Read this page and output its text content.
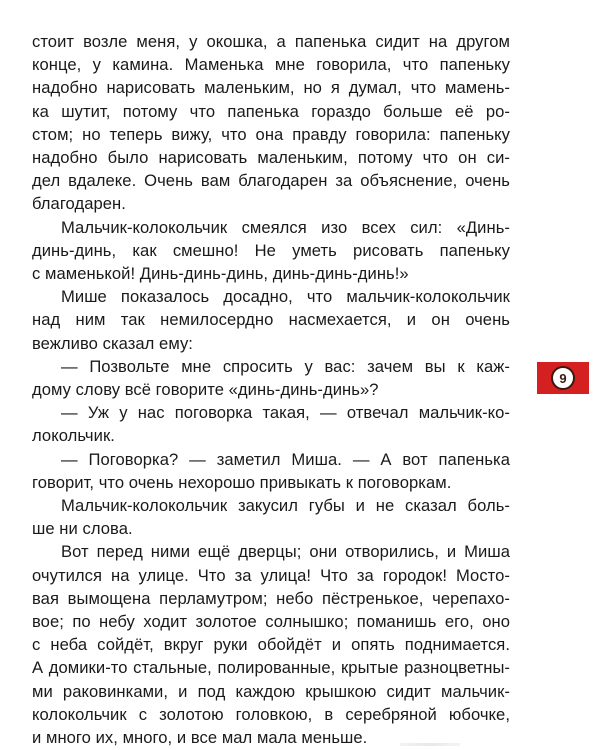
стоит возле меня, у окошка, а папенька сидит на другом
конце, у камина. Маменька мне говорила, что папеньку
надобно нарисовать маленьким, но я думал, что мамень-
ка шутит, потому что папенька гораздо больше её ро-
стом; но теперь вижу, что она правду говорила: папеньку
надобно было нарисовать маленьким, потому что он си-
дел вдалеке. Очень вам благодарен за объяснение, очень
благодарен.
Мальчик-колокольчик смеялся изо всех сил: «Динь-
динь-динь, как смешно! Не уметь рисовать папеньку
с маменькой! Динь-динь-динь, динь-динь-динь!»
Мише показалось досадно, что мальчик-колокольчик
над ним так немилосердно насмехается, и он очень
вежливо сказал ему:
— Позвольте мне спросить у вас: зачем вы к каж-
дому слову всё говорите «динь-динь-динь»?
— Уж у нас поговорка такая, — отвечал мальчик-ко-
локольчик.
— Поговорка? — заметил Миша. — А вот папенька
говорит, что очень нехорошо привыкать к поговоркам.
Мальчик-колокольчик закусил губы и не сказал боль-
ше ни слова.
Вот перед ними ещё дверцы; они отворились, и Миша
очутился на улице. Что за улица! Что за городок! Мосто-
вая вымощена перламутром; небо пёстренькое, черепахо-
вое; по небу ходит золотое солнышко; поманишь его, оно
с неба сойдёт, вкруг руки обойдёт и опять поднимается.
А домики-то стальные, полированные, крытые разноцветны-
ми раковинками, и под каждою крышкою сидит мальчик-
колокольчик с золотою головкою, в серебряной юбочке,
и много их, много, и все мал мала меньше.
9
